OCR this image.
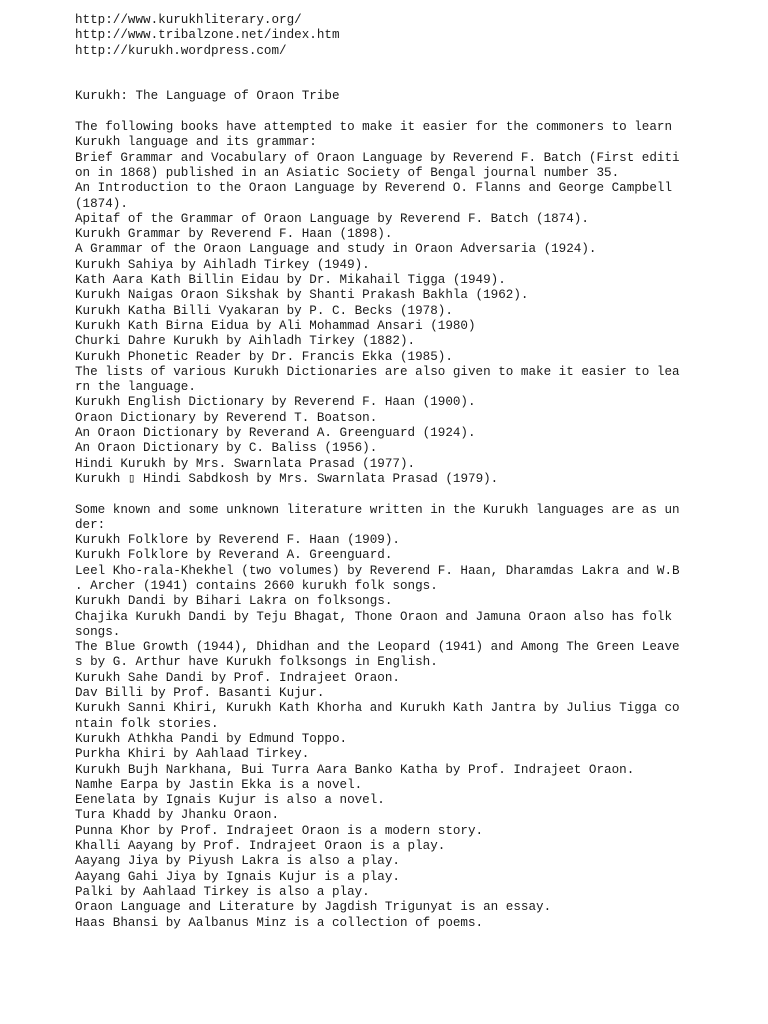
http://www.kurukhliterary.org/
http://www.tribalzone.net/index.htm
http://kurukh.wordpress.com/
Kurukh: The Language of Oraon Tribe
The following books have attempted to make it easier for the commoners to learn
Kurukh language and its grammar:
Brief Grammar and Vocabulary of Oraon Language by Reverend F. Batch (First editi
on in 1868) published in an Asiatic Society of Bengal journal number 35.
An Introduction to the Oraon Language by Reverend O. Flanns and George Campbell
(1874).
Apitaf of the Grammar of Oraon Language by Reverend F. Batch (1874).
Kurukh Grammar by Reverend F. Haan (1898).
A Grammar of the Oraon Language and study in Oraon Adversaria (1924).
Kurukh Sahiya by Aihladh Tirkey (1949).
Kath Aara Kath Billin Eidau by Dr. Mikahail Tigga (1949).
Kurukh Naigas Oraon Sikshak by Shanti Prakash Bakhla (1962).
Kurukh Katha Billi Vyakaran by P. C. Becks (1978).
Kurukh Kath Birna Eidua by Ali Mohammad Ansari (1980)
Churki Dahre Kurukh by Aihladh Tirkey (1882).
Kurukh Phonetic Reader by Dr. Francis Ekka (1985).
The lists of various Kurukh Dictionaries are also given to make it easier to lea
rn the language.
Kurukh English Dictionary by Reverend F. Haan (1900).
Oraon Dictionary by Reverend T. Boatson.
An Oraon Dictionary by Reverand A. Greenguard (1924).
An Oraon Dictionary by C. Baliss (1956).
Hindi Kurukh by Mrs. Swarnlata Prasad (1977).
Kurukh ▯ Hindi Sabdkosh by Mrs. Swarnlata Prasad (1979).
Some known and some unknown literature written in the Kurukh languages are as un
der:
Kurukh Folklore by Reverend F. Haan (1909).
Kurukh Folklore by Reverand A. Greenguard.
Leel Kho-rala-Khekhel (two volumes) by Reverend F. Haan, Dharamdas Lakra and W.B
. Archer (1941) contains 2660 kurukh folk songs.
Kurukh Dandi by Bihari Lakra on folksongs.
Chajika Kurukh Dandi by Teju Bhagat, Thone Oraon and Jamuna Oraon also has folk
songs.
The Blue Growth (1944), Dhidhan and the Leopard (1941) and Among The Green Leave
s by G. Arthur have Kurukh folksongs in English.
Kurukh Sahe Dandi by Prof. Indrajeet Oraon.
Dav Billi by Prof. Basanti Kujur.
Kurukh Sanni Khiri, Kurukh Kath Khorha and Kurukh Kath Jantra by Julius Tigga co
ntain folk stories.
Kurukh Athkha Pandi by Edmund Toppo.
Purkha Khiri by Aahlaad Tirkey.
Kurukh Bujh Narkhana, Bui Turra Aara Banko Katha by Prof. Indrajeet Oraon.
Namhe Earpa by Jastin Ekka is a novel.
Eenelata by Ignais Kujur is also a novel.
Tura Khadd by Jhanku Oraon.
Punna Khor by Prof. Indrajeet Oraon is a modern story.
Khalli Aayang by Prof. Indrajeet Oraon is a play.
Aayang Jiya by Piyush Lakra is also a play.
Aayang Gahi Jiya by Ignais Kujur is a play.
Palki by Aahlaad Tirkey is also a play.
Oraon Language and Literature by Jagdish Trigunyat is an essay.
Haas Bhansi by Aalbanus Minz is a collection of poems.
